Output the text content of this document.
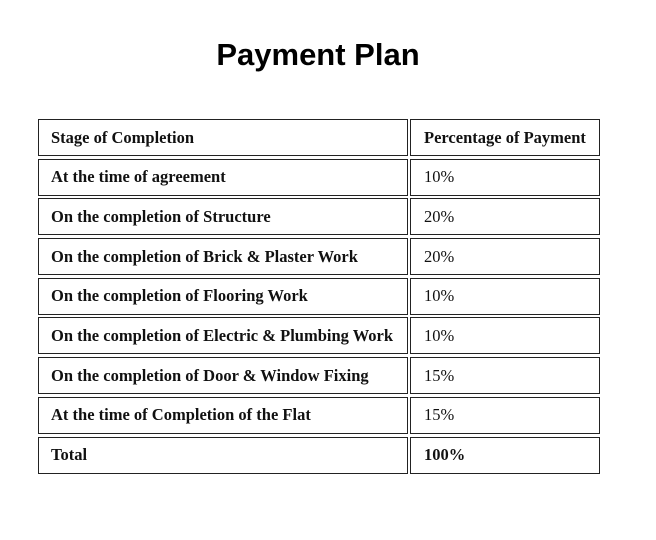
Payment Plan
Stage of Completion	Percentage of Payment
At the time of agreement	10%
On the completion of Structure	20%
On the completion of Brick & Plaster Work	20%
On the completion of Flooring Work	10%
On the completion of Electric & Plumbing Work	10%
On the completion of Door & Window Fixing	15%
At the time of Completion of the Flat	15%
Total	100%
